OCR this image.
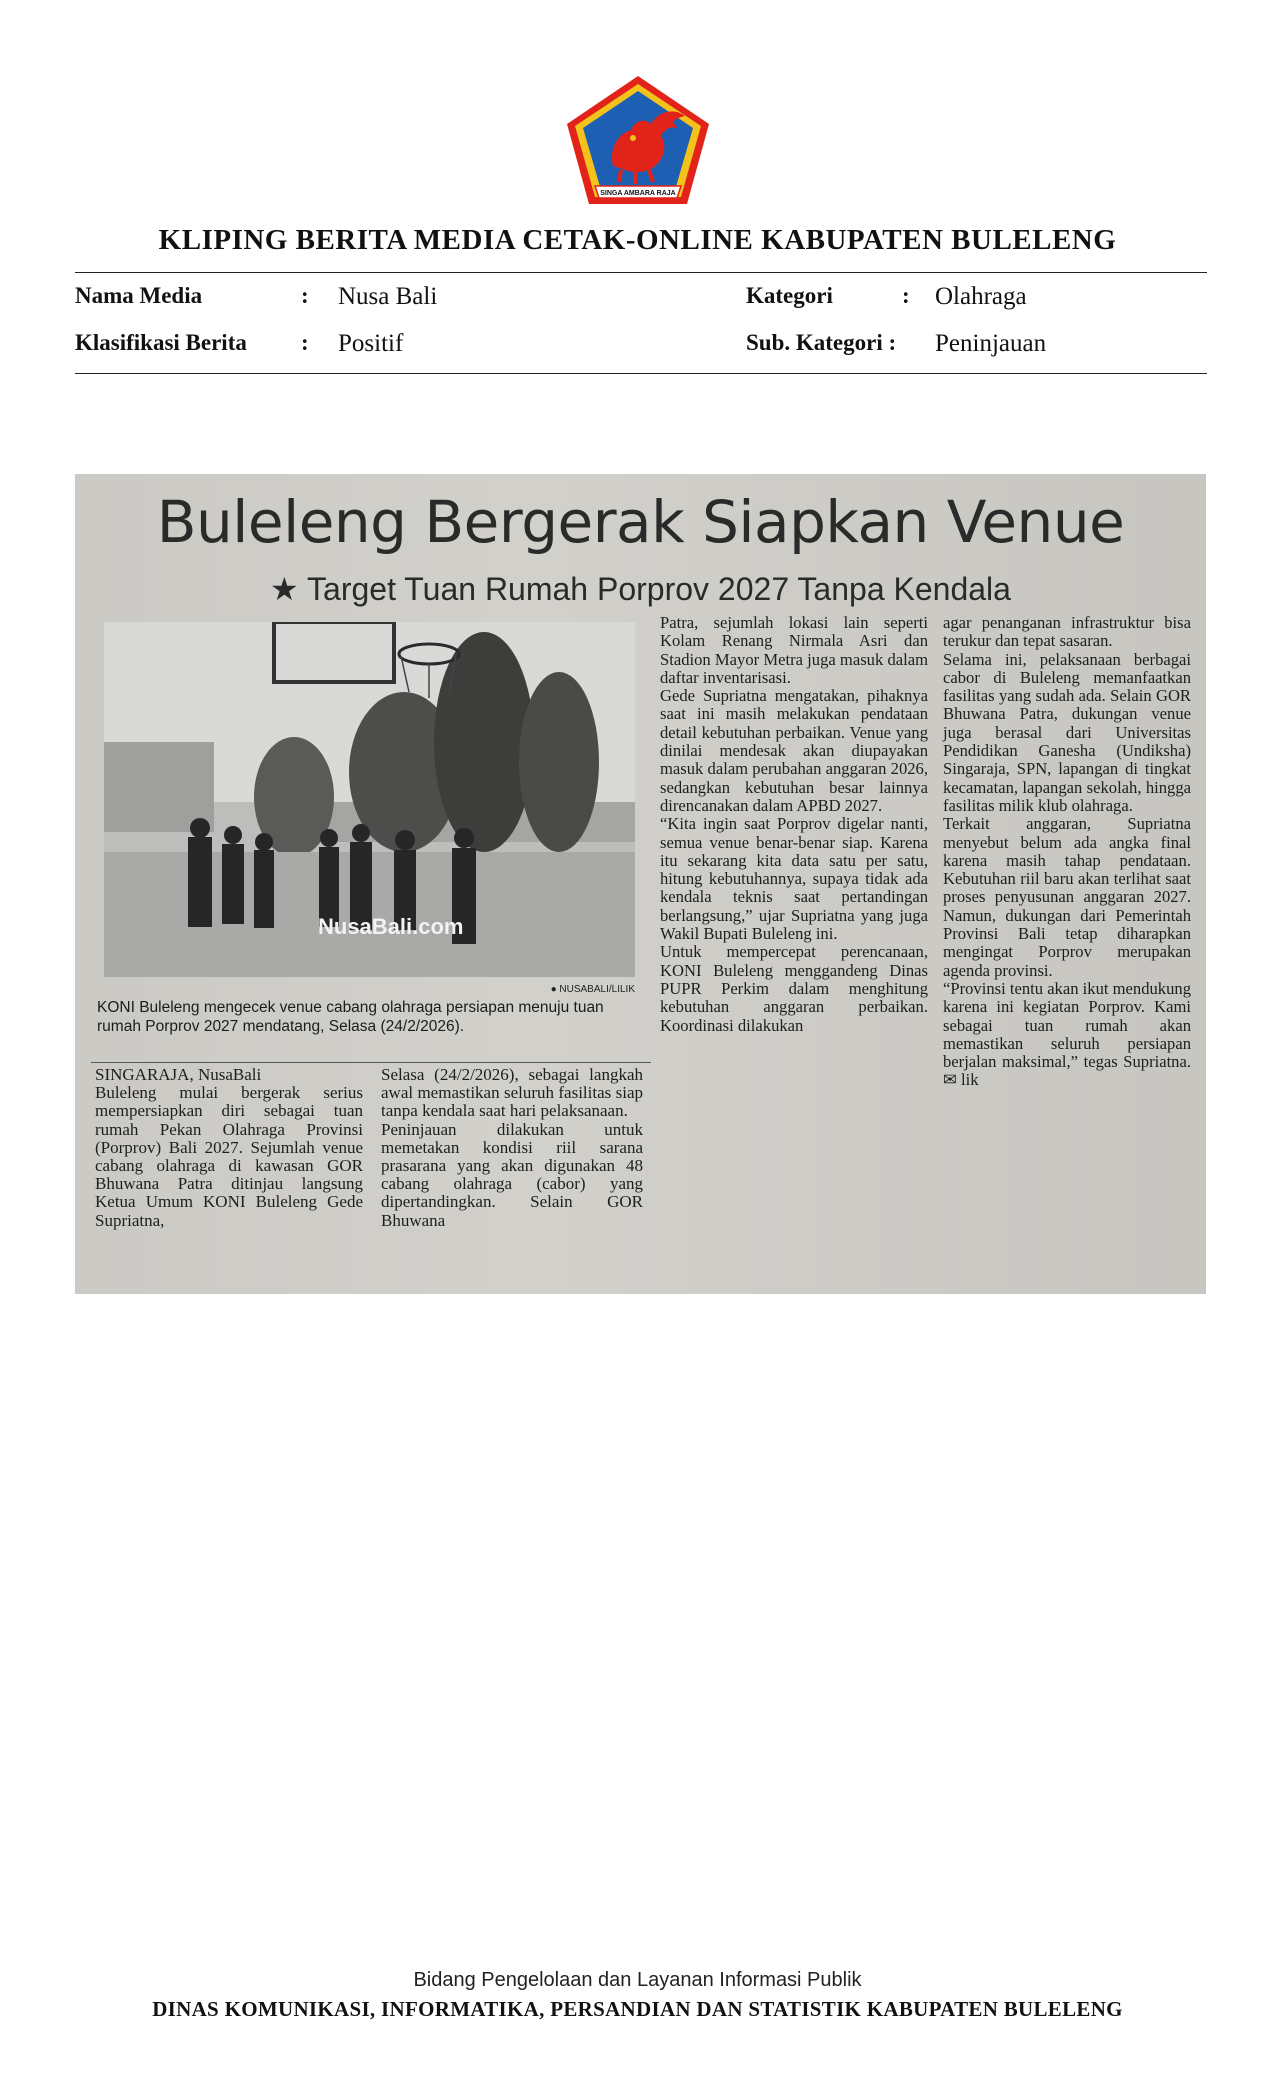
SINGA AMBARA RAJA
KLIPING BERITA MEDIA CETAK-ONLINE KABUPATEN BULELENG
Nama Media	: Nusa Bali	Kategori	: Olahraga
Klasifikasi Berita : Positif	Sub. Kategori : Peninjauan
Buleleng Bergerak Siapkan Venue
★ Target Tuan Rumah Porprov 2027 Tanpa Kendala
NusaBali.com
● NUSABALI/LILIK
KONI Buleleng mengecek venue cabang olahraga persiapan menuju tuan rumah Porprov 2027 mendatang, Selasa (24/2/2026).
SINGARAJA, NusaBali
Buleleng mulai bergerak serius mempersiapkan diri sebagai tuan rumah Pekan Olahraga Provinsi (Porprov) Bali 2027. Sejumlah venue cabang olahraga di kawasan GOR Bhuwana Patra ditinjau langsung Ketua Umum KONI Buleleng Gede Supriatna,
Selasa (24/2/2026), sebagai langkah awal memastikan seluruh fasilitas siap tanpa kendala saat hari pelaksanaan.
Peninjauan dilakukan untuk memetakan kondisi riil sarana prasarana yang akan digunakan 48 cabang olahraga (cabor) yang dipertandingkan. Selain GOR Bhuwana
Patra, sejumlah lokasi lain seperti Kolam Renang Nirmala Asri dan Stadion Mayor Metra juga masuk dalam daftar inventarisasi.
Gede Supriatna mengatakan, pihaknya saat ini masih melakukan pendataan detail kebutuhan perbaikan. Venue yang dinilai mendesak akan diupayakan masuk dalam perubahan anggaran 2026, sedangkan kebutuhan besar lainnya direncanakan dalam APBD 2027.
“Kita ingin saat Porprov digelar nanti, semua venue benar-benar siap. Karena itu sekarang kita data satu per satu, hitung kebutuhannya, supaya tidak ada kendala teknis saat pertandingan berlangsung,” ujar Supriatna yang juga Wakil Bupati Buleleng ini.
Untuk mempercepat perencanaan, KONI Buleleng menggandeng Dinas PUPR Perkim dalam menghitung kebutuhan anggaran perbaikan. Koordinasi dilakukan
agar penanganan infrastruktur bisa terukur dan tepat sasaran.
Selama ini, pelaksanaan berbagai cabor di Buleleng memanfaatkan fasilitas yang sudah ada. Selain GOR Bhuwana Patra, dukungan venue juga berasal dari Universitas Pendidikan Ganesha (Undiksha) Singaraja, SPN, lapangan di tingkat kecamatan, lapangan sekolah, hingga fasilitas milik klub olahraga.
Terkait anggaran, Supriatna menyebut belum ada angka final karena masih tahap pendataan. Kebutuhan riil baru akan terlihat saat proses penyusunan anggaran 2027. Namun, dukungan dari Pemerintah Provinsi Bali tetap diharapkan mengingat Porprov merupakan agenda provinsi.
“Provinsi tentu akan ikut mendukung karena ini kegiatan Porprov. Kami sebagai tuan rumah akan memastikan seluruh persiapan berjalan maksimal,” tegas Supriatna.✉ lik
Bidang Pengelolaan dan Layanan Informasi Publik
DINAS KOMUNIKASI, INFORMATIKA, PERSANDIAN DAN STATISTIK KABUPATEN BULELENG
